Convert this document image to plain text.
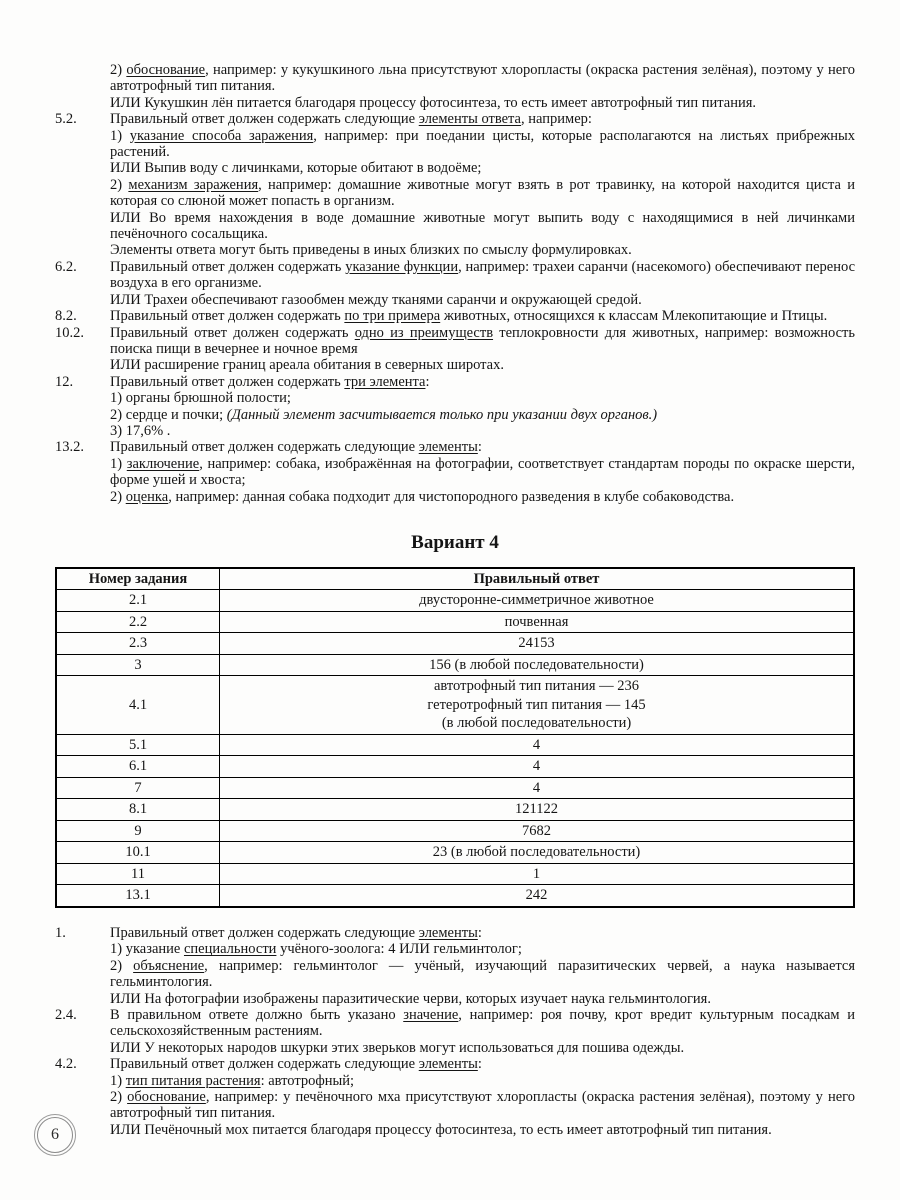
2) обоснование, например: у кукушкиного льна присутствуют хлоропласты (окраска растения зелёная), поэтому у него автотрофный тип питания.

ИЛИ Кукушкин лён питается благодаря процессу фотосинтеза, то есть имеет автотрофный тип питания.

5.2.	Правильный ответ должен содержать следующие элементы ответа, например:

1) указание способа заражения, например: при поедании цисты, которые располагаются на листьях прибрежных растений.

ИЛИ Выпив воду с личинками, которые обитают в водоёме;

2) механизм заражения, например: домашние животные могут взять в рот травинку, на которой находится циста и которая со слюной может попасть в организм.

ИЛИ Во время нахождения в воде домашние животные могут выпить воду с находящимися в ней личинками печёночного сосальщика.

Элементы ответа могут быть приведены в иных близких по смыслу формулировках.

6.2.	Правильный ответ должен содержать указание функции, например: трахеи саранчи (насекомого) обеспечивают перенос воздуха в его организме.

ИЛИ Трахеи обеспечивают газообмен между тканями саранчи и окружающей средой.

8.2.	Правильный ответ должен содержать по три примера животных, относящихся к классам Млекопитающие и Птицы.

10.2.	Правильный ответ должен содержать одно из преимуществ теплокровности для животных, например: возможность поиска пищи в вечернее и ночное время

ИЛИ расширение границ ареала обитания в северных широтах.

12.	Правильный ответ должен содержать три элемента:

1) органы брюшной полости;

2) сердце и почки; (Данный элемент засчитывается только при указании двух органов.)

3) 17,6% .

13.2.	Правильный ответ должен содержать следующие элементы:

1) заключение, например: собака, изображённая на фотографии, соответствует стандартам породы по окраске шерсти, форме ушей и хвоста;

2) оценка, например: данная собака подходит для чистопородного разведения в клубе собаководства.

Вариант 4
Номер задания	Правильный ответ
2.1	двусторонне-симметричное животное

2.2	почвенная

2.3	24153

3	156 (в любой последовательности)

4.1	автотрофный тип питания — 236
гетеротрофный тип питания — 145
(в любой последовательности)

5.1	4

6.1	4

7	4

8.1	121122

9	7682

10.1	23 (в любой последовательности)

11	1

13.1	242
1.	Правильный ответ должен содержать следующие элементы:

1) указание специальности учёного-зоолога: 4 ИЛИ гельминтолог;

2) объяснение, например: гельминтолог — учёный, изучающий паразитических червей, а наука называется гельминтология.

ИЛИ На фотографии изображены паразитические черви, которых изучает наука гельминтология.

2.4.	В правильном ответе должно быть указано значение, например: роя почву, крот вредит культурным посадкам и сельскохозяйственным растениям.

ИЛИ У некоторых народов шкурки этих зверьков могут использоваться для пошива одежды.

4.2.	Правильный ответ должен содержать следующие элементы:

1) тип питания растения: автотрофный;

2) обоснование, например: у печёночного мха присутствуют хлоропласты (окраска растения зелёная), поэтому у него автотрофный тип питания.

ИЛИ Печёночный мох питается благодаря процессу фотосинтеза, то есть имеет автотрофный тип питания.

6
